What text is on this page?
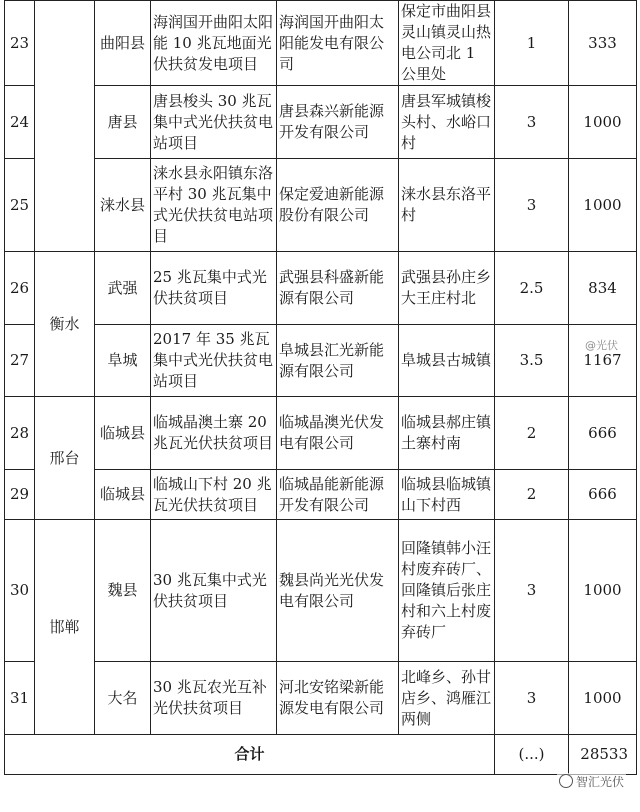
23		曲阳县	海润国开曲阳太阳能 10 兆瓦地面光伏扶贫发电项目	海润国开曲阳太阳能发电有限公司	保定市曲阳县灵山镇灵山热电公司北 1 公里处	1	333
24		唐县	唐县梭头 30 兆瓦集中式光伏扶贫电站项目	唐县森兴新能源开发有限公司	唐县军城镇梭头村、水峪口村	3	1000
25		涞水县	涞水县永阳镇东洛平村 30 兆瓦集中式光伏扶贫电站项目	保定爱迪新能源股份有限公司	涞水县东洛平村	3	1000
26	衡水	武强	25 兆瓦集中式光伏扶贫项目	武强县科盛新能源有限公司	武强县孙庄乡大王庄村北	2.5	834
27		阜城	2017 年 35 兆瓦集中式光伏扶贫电站项目	阜城县汇光新能源有限公司	阜城县古城镇	3.5	1167
28	邢台	临城县	临城晶澳土寨 20 兆瓦光伏扶贫项目	临城晶澳光伏发电有限公司	临城县郝庄镇土寨村南	2	666
29		临城县	临城山下村 20 兆瓦光伏扶贫项目	临城晶能新能源开发有限公司	临城县临城镇山下村西	2	666
30	邯郸	魏县	30 兆瓦集中式光伏扶贫项目	魏县尚光光伏发电有限公司	回隆镇韩小汪村废弃砖厂、回隆镇后张庄村和六上村废弃砖厂	3	1000
31		大名	30 兆瓦农光互补光伏扶贫项目	河北安铭梁新能源发电有限公司	北峰乡、孙甘店乡、鸿雁江两侧	3	1000
合计						(...)	28533
@光伏
智汇光伏
